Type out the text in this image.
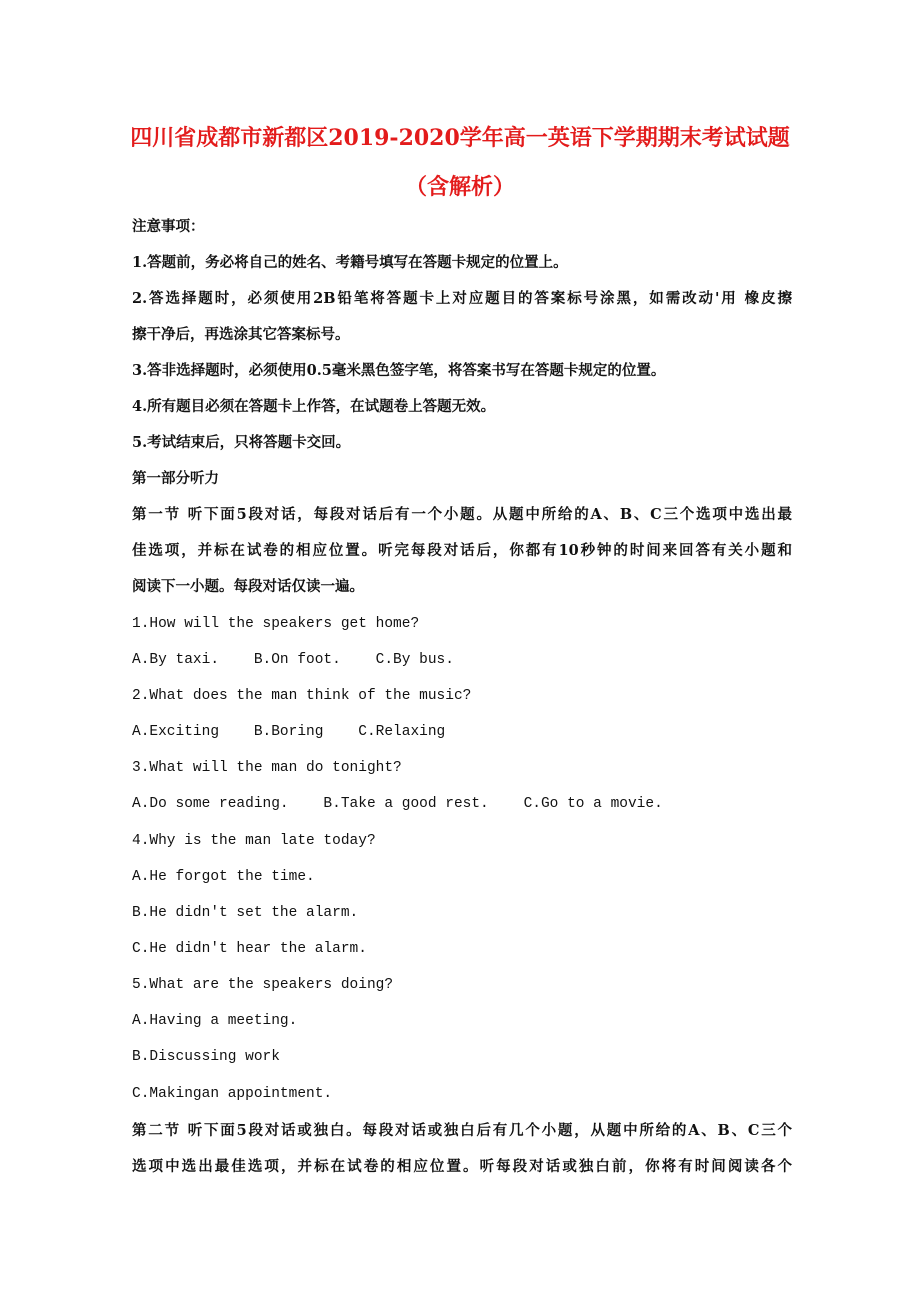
四川省成都市新都区2019-2020学年高一英语下学期期末考试试题
（含解析）
注意事项：
1.答题前，务必将自己的姓名、考籍号填写在答题卡规定的位置上。
2.答选择题时，必须使用2B铅笔将答题卡上对应题目的答案标号涂黑，如需改动'用 橡皮擦
擦干净后，再选涂其它答案标号。
3.答非选择题时，必须使用0.5毫米黑色签字笔，将答案书写在答题卡规定的位置。
4.所有题目必须在答题卡上作答，在试题卷上答题无效。
5.考试结束后，只将答题卡交回。
第一部分听力
第一节 听下面5段对话，每段对话后有一个小题。从题中所给的A、B、C三个选项中选出最
佳选项，并标在试卷的相应位置。听完每段对话后，你都有10秒钟的时间来回答有关小题和
阅读下一小题。每段对话仅读一遍。
1.How will the speakers get home?
A.By taxi.    B.On foot.    C.By bus.
2.What does the man think of the music?
A.Exciting    B.Boring    C.Relaxing
3.What will the man do tonight?
A.Do some reading.    B.Take a good rest.    C.Go to a movie.
4.Why is the man late today?
A.He forgot the time.
B.He didn't set the alarm.
C.He didn't hear the alarm.
5.What are the speakers doing?
A.Having a meeting.
B.Discussing work
C.Makingan appointment.
第二节 听下面5段对话或独白。每段对话或独白后有几个小题，从题中所给的A、B、C三个
选项中选出最佳选项，并标在试卷的相应位置。听每段对话或独白前，你将有时间阅读各个
